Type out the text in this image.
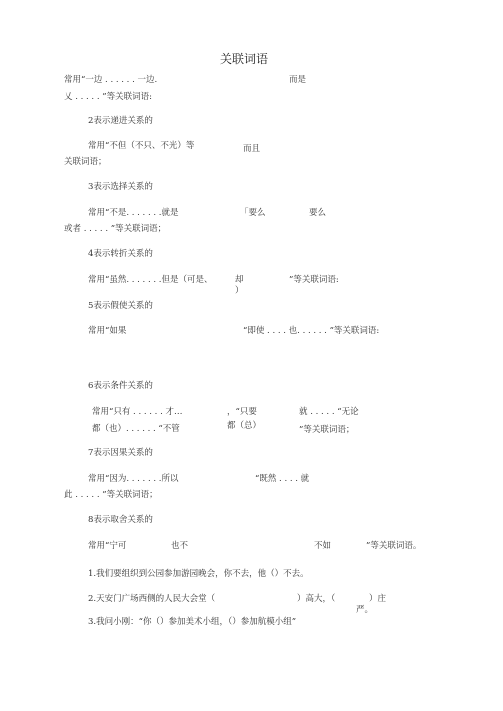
关联词语
常用“一边 . . . . . . 一边.	而是
乂 . . . . . ”等关联词语:
2表示递进关系的
常用“不但（不只、不光）等	而且
关联词语；
3表示选择关系的
常用“不是. . . . . . .就是	「要么	要么
或者 . . . . . ”等关联词语；
4表示转折关系的
常用“虽然. . . . . . .但是（可是、	却
）
”等关联词语:
5表示假使关系的
常用“如果	“即使 . . . . 也. . . . . . ”等关联词语:
6表示条件关系的
常用“只有 . . . . . . 才…	，“只要	就 . . . . . “无论
都（也）. . . . . . “不管	都（总）	”等关联词语；
7表示因果关系的
常用“因为. . . . . . .所以	“既然 . . . . 就
此 . . . . . ”等关联词语；
8表示取舍关系的
常用“宁可	也不	不如	”等关联词语。
1.我们要组织到公园参加游园晚会，你不去，他（）不去。
2.天安门广场西侧的人民大会堂（	）高大，（	）庄
严。
3.我问小刚：“你（）参加美术小组，（）参加航模小组”
